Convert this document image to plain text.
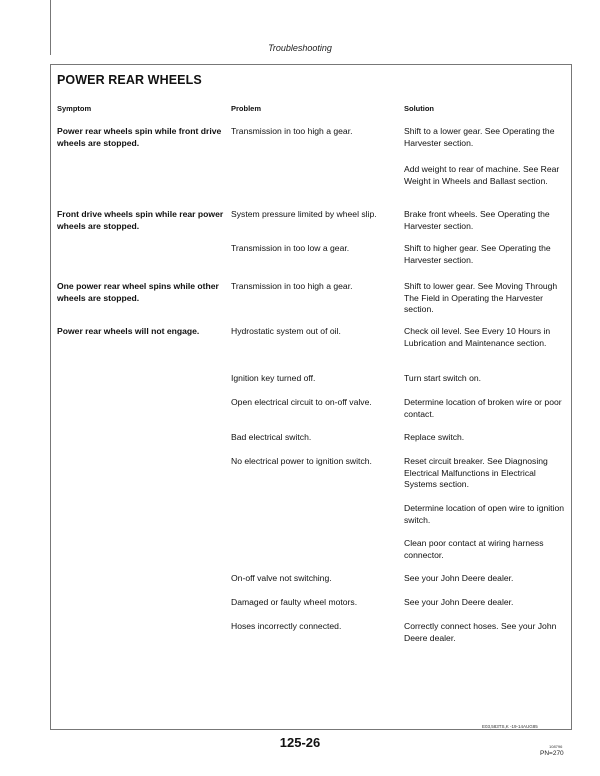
Troubleshooting
POWER REAR WHEELS
Symptom	Problem	Solution
Power rear wheels spin while front drive wheels are stopped.
Transmission in too high a gear.	Shift to a lower gear. See Operating the Harvester section.
Add weight to rear of machine. See Rear Weight in Wheels and Ballast section.
Front drive wheels spin while rear power wheels are stopped.
System pressure limited by wheel slip.	Brake front wheels. See Operating the Harvester section.
Transmission in too low a gear.	Shift to higher gear. See Operating the Harvester section.
One power rear wheel spins while other wheels are stopped.
Transmission in too high a gear.	Shift to lower gear. See Moving Through The Field in Operating the Harvester section.
Power rear wheels will not engage.	Hydrostatic system out of oil.	Check oil level. See Every 10 Hours in Lubrication and Maintenance section.
Ignition key turned off.	Turn start switch on.
Open electrical circuit to on-off valve.	Determine location of broken wire or poor contact.
Bad electrical switch.	Replace switch.
No electrical power to ignition switch.	Reset circuit breaker. See Diagnosing Electrical Malfunctions in Electrical Systems section.
Determine location of open wire to ignition switch.
Clean poor contact at wiring harness connector.
On-off valve not switching.	See your John Deere dealer.
Damaged or faulty wheel motors.	See your John Deere dealer.
Hoses incorrectly connected.	Correctly connect hoses. See your John Deere dealer.
E03,583TS,K -19-14AUG85
125-26	108796
PN=270
